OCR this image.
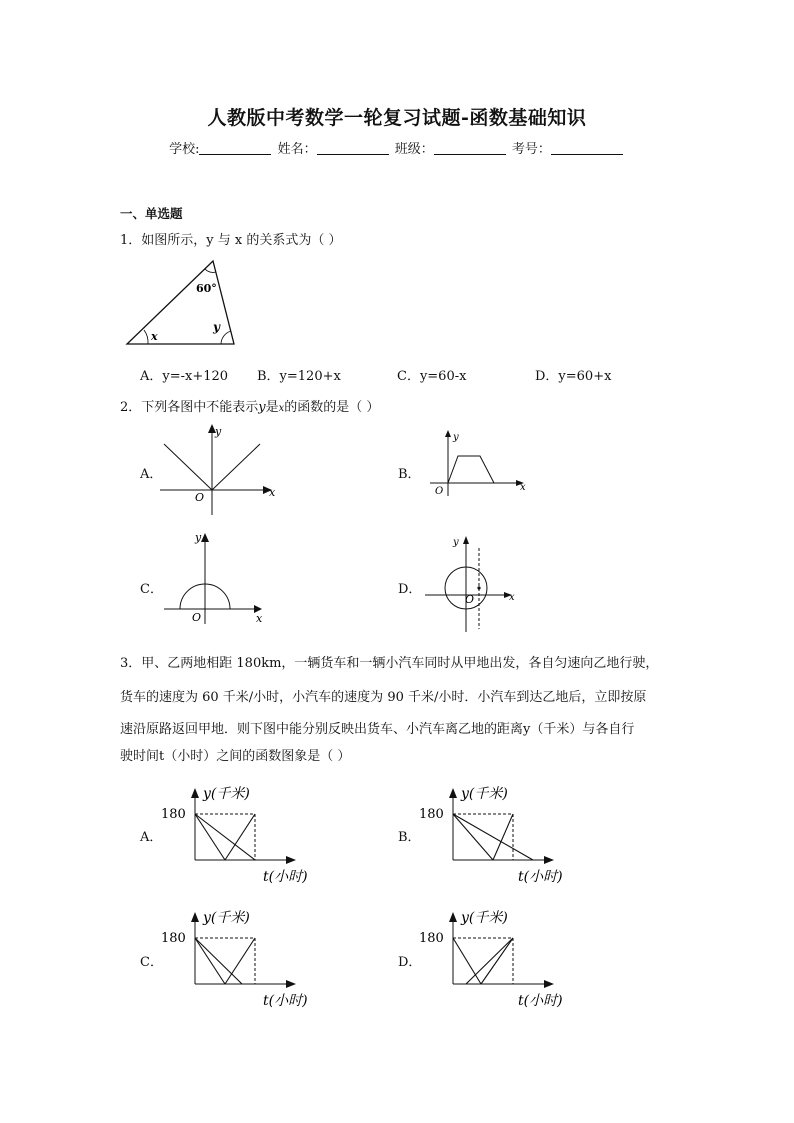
人教版中考数学一轮复习试题-函数基础知识
学校:	姓名：	班级：	考号：
一、单选题
1．如图所示，y 与 x 的关系式为（ ）
60°
x
y
A．y=-x+120 B．y=120+x	C．y=60-x	D．y=60+x
2．下列各图中不能表示y是x的函数的是（ ）
A．
y
x
O
B．
y
x
O
C．
y
x
O
D．
y
x
O
3．甲、乙两地相距 180km，一辆货车和一辆小汽车同时从甲地出发，各自匀速向乙地行驶，
货车的速度为 60 千米/小时，小汽车的速度为 90 千米/小时．小汽车到达乙地后，立即按原
速沿原路返回甲地．则下图中能分别反映出货车、小汽车离乙地的距离y（千米）与各自行
驶时间t（小时）之间的函数图象是（ ）
A．
180
y(千米)
t(小时)
B．
180
y(千米)
t(小时)
C．
180
y(千米)
t(小时)
D．
180
y(千米)
t(小时)
